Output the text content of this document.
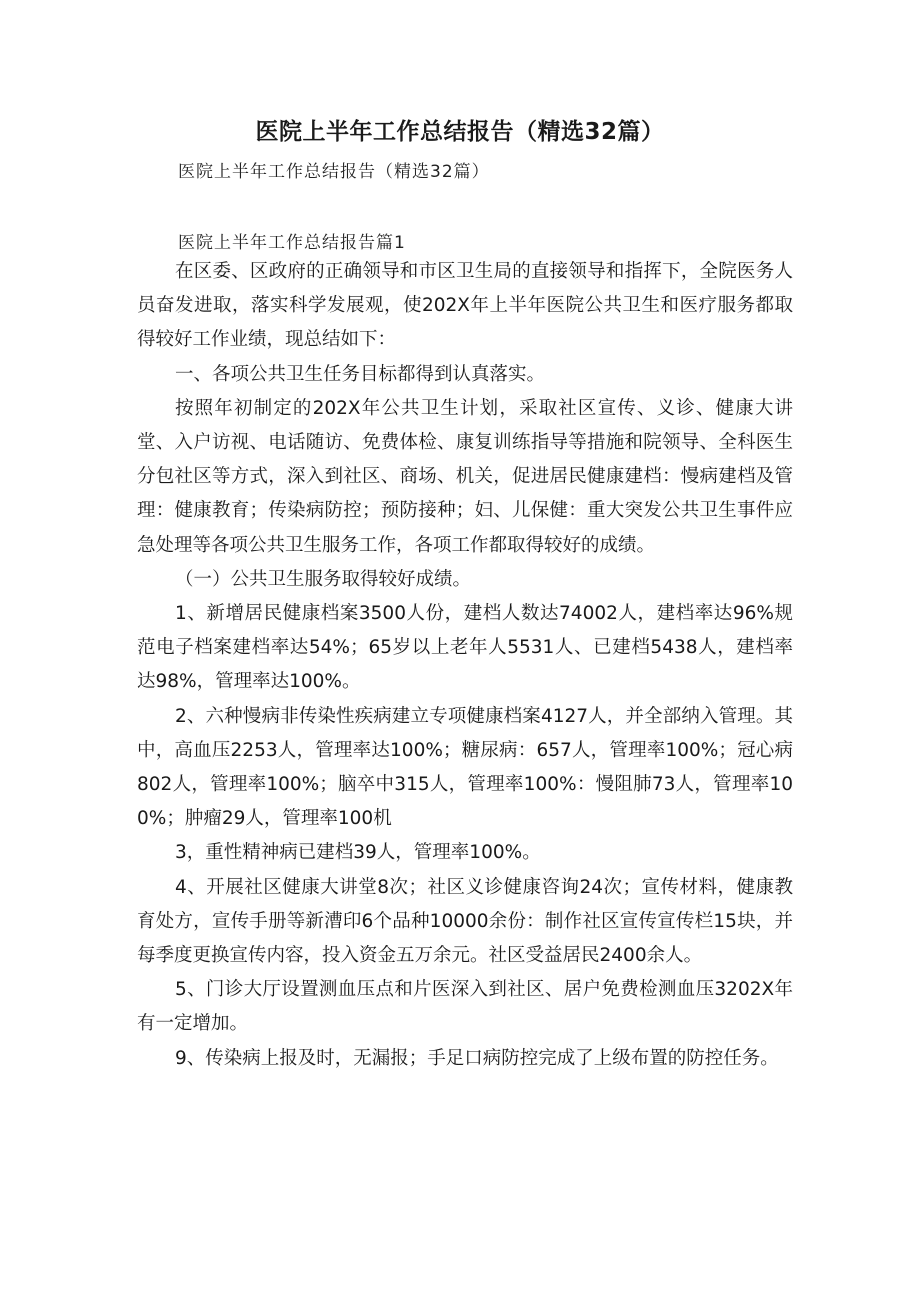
医院上半年工作总结报告（精选32篇）
医院上半年工作总结报告（精选32篇）
医院上半年工作总结报告篇1

在区委、区政府的正确领导和市区卫生局的直接领导和指挥下，全院医务人员奋发进取，落实科学发展观，使202X年上半年医院公共卫生和医疗服务都取得较好工作业绩，现总结如下：

一、各项公共卫生任务目标都得到认真落实。

按照年初制定的202X年公共卫生计划，采取社区宣传、义诊、健康大讲堂、入户访视、电话随访、免费体检、康复训练指导等措施和院领导、全科医生分包社区等方式，深入到社区、商场、机关，促进居民健康建档：慢病建档及管理：健康教育；传染病防控；预防接种；妇、儿保健：重大突发公共卫生事件应急处理等各项公共卫生服务工作，各项工作都取得较好的成绩。

（一）公共卫生服务取得较好成绩。

1、新增居民健康档案3500人份，建档人数达74002人，建档率达96%规范电子档案建档率达54%；65岁以上老年人5531人、已建档5438人，建档率达98%，管理率达100%。

2、六种慢病非传染性疾病建立专项健康档案4127人，并全部纳入管理。其中，高血压2253人，管理率达100%；糖尿病：657人，管理率100%；冠心病802人，管理率100%；脑卒中315人，管理率100%：慢阻肺73人，管理率100%；肿瘤29人，管理率100机

3，重性精神病已建档39人，管理率100%。

4、开展社区健康大讲堂8次；社区义诊健康咨询24次；宣传材料，健康教育处方，宣传手册等新漕印6个品种10000余份：制作社区宣传宣传栏15块，并每季度更换宣传内容，投入资金五万余元。社区受益居民2400余人。

5、门诊大厅设置测血压点和片医深入到社区、居户免费检测血压3202X年有一定增加。

9、传染病上报及时，无漏报；手足口病防控完成了上级布置的防控任务。
